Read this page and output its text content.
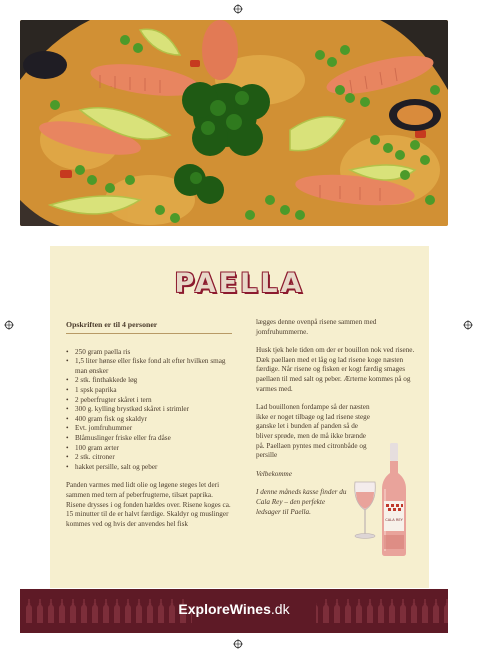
PAELLA
Opskriften er til 4 personer
• 250 gram paella ris
• 1,5 liter hønse eller fiske fond alt efter hvilken smag man ønsker
• 2 stk. finthakkede løg
• 1 spsk paprika
• 2 peberfrugter skåret i tern
• 300 g. kylling brystkød skåret i strimler
• 400 gram fisk og skaldyr
• Evt. jomfruhummer
• Blåmuslinger friske eller fra dåse
• 100 gram ærter
• 2 stk. citroner
• hakket persille, salt og peber

Panden varmes med lidt olie og løgene steges let deri sammen med tern af peberfrugterne, tilsæt paprika. Risene drysses i og fonden hældes over. Risene koges ca. 15 minutter til de er halvt færdige. Skaldyr og muslinger kommes ved og hvis der anvendes hel fisk

lægges denne ovenpå risene sammen med jomfruhummerne.

Husk tjek hele tiden om der er bouillon nok ved risene. Dæk paellaen med et låg og lad risene koge næsten færdige. Når risene og fisken er kogt færdig smages paellaen til med salt og peber. Ærterne kommes på og varmes med.

Lad bouillonen fordampe så der næsten ikke er noget tilbage og lad risene stege ganske let i bunden af panden så de bliver sprøde, men de må ikke brænde på. Paellaen pyntes med citronbåde og persille

Velbekomme

I denne måneds kasse finder du Cala Rey – den perfekte ledsager til Paella.

CALA REY
ExploreWines.dk
